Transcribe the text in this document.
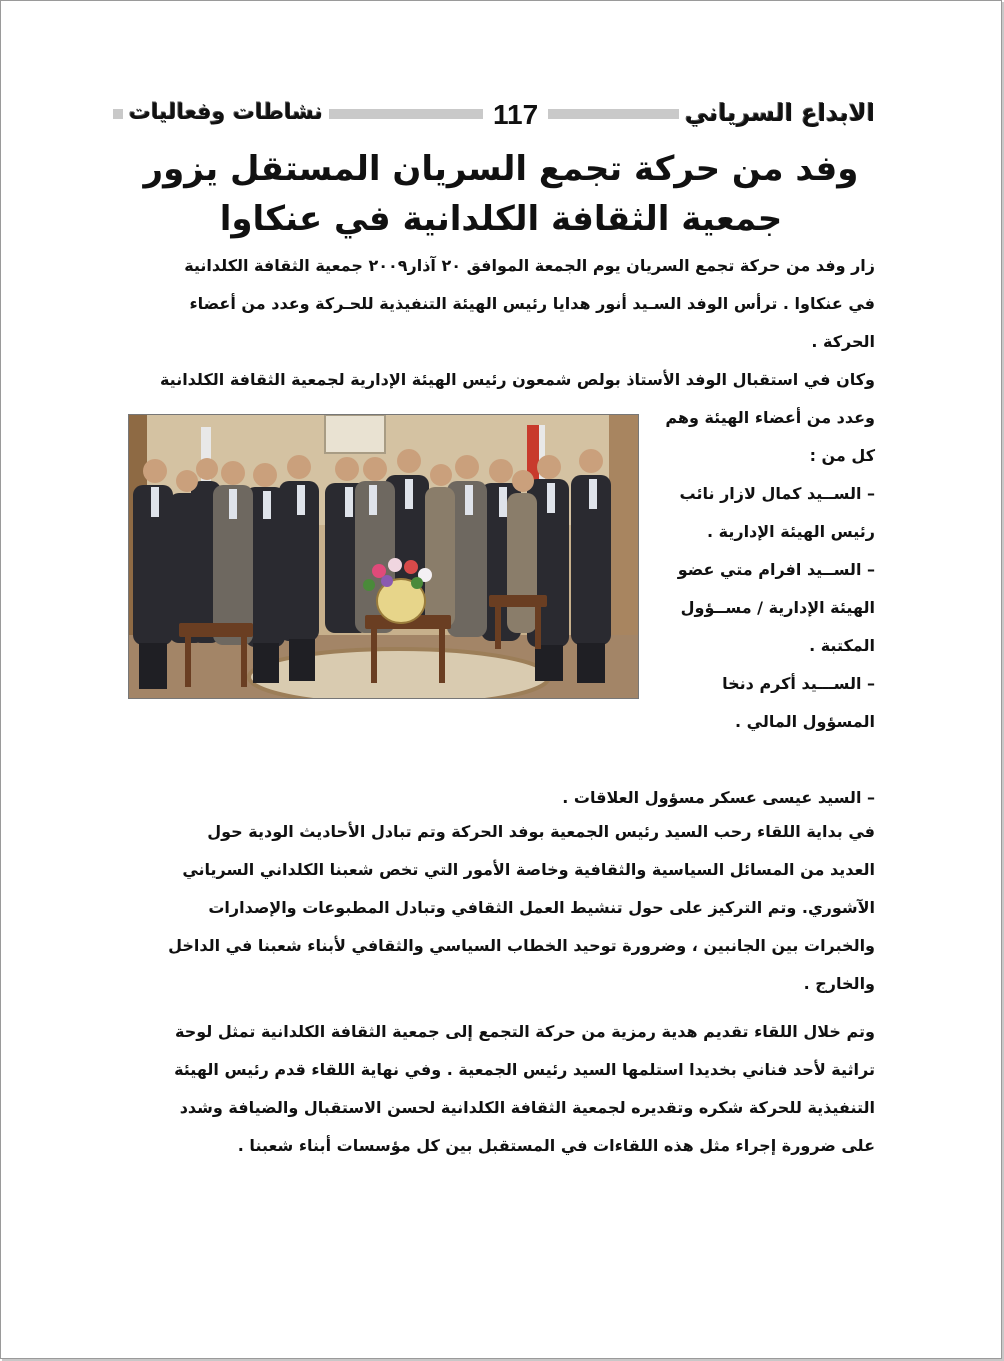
نشاطات وفعاليات	117	الابداع السرياني
وفد من حركة تجمع السريان المستقل يزور
جمعية الثقافة الكلدانية في عنكاوا
زار وفد من حركة تجمع السريان يوم الجمعة الموافق ٢٠ آذار٢٠٠٩ جمعية الثقافة الكلدانية
في عنكاوا . ترأس الوفد السـيد أنور هدايا رئيس الهيئة التنفيذية للحـركة وعدد من أعضاء
الحركة .
وكان في استقبال الوفد الأستاذ بولص شمعون رئيس الهيئة الإدارية لجمعية الثقافة الكلدانية
وعدد من أعضاء الهيئة وهم
كل من :
– الســيد كمال لازار نائب
رئيس الهيئة الإدارية .
– الســيد افرام متي عضو
الهيئة الإدارية / مســؤول
المكتبة .
– الســـيد أكرم دنخا
المسؤول المالي .
– السيد عيسى عسكر مسؤول العلاقات .
في بداية اللقاء رحب السيد رئيس الجمعية بوفد الحركة وتم تبادل الأحاديث الودية حول
العديد من المسائل السياسية والثقافية وخاصة الأمور التي تخص شعبنا الكلداني السرياني
الآشوري. وتم التركيز على حول تنشيط العمل الثقافي وتبادل المطبوعات والإصدارات
والخبرات بين الجانبين ، وضرورة توحيد الخطاب السياسي والثقافي لأبناء شعبنا في الداخل
والخارج .
وتم خلال اللقاء تقديم هدية رمزية من حركة التجمع إلى جمعية الثقافة الكلدانية تمثل لوحة
تراثية لأحد فناني بخديدا استلمها السيد رئيس الجمعية . وفي نهاية اللقاء قدم رئيس الهيئة
التنفيذية للحركة شكره وتقديره لجمعية الثقافة الكلدانية لحسن الاستقبال والضيافة وشدد
على ضرورة إجراء مثل هذه اللقاءات في المستقبل بين كل مؤسسات أبناء شعبنا .
